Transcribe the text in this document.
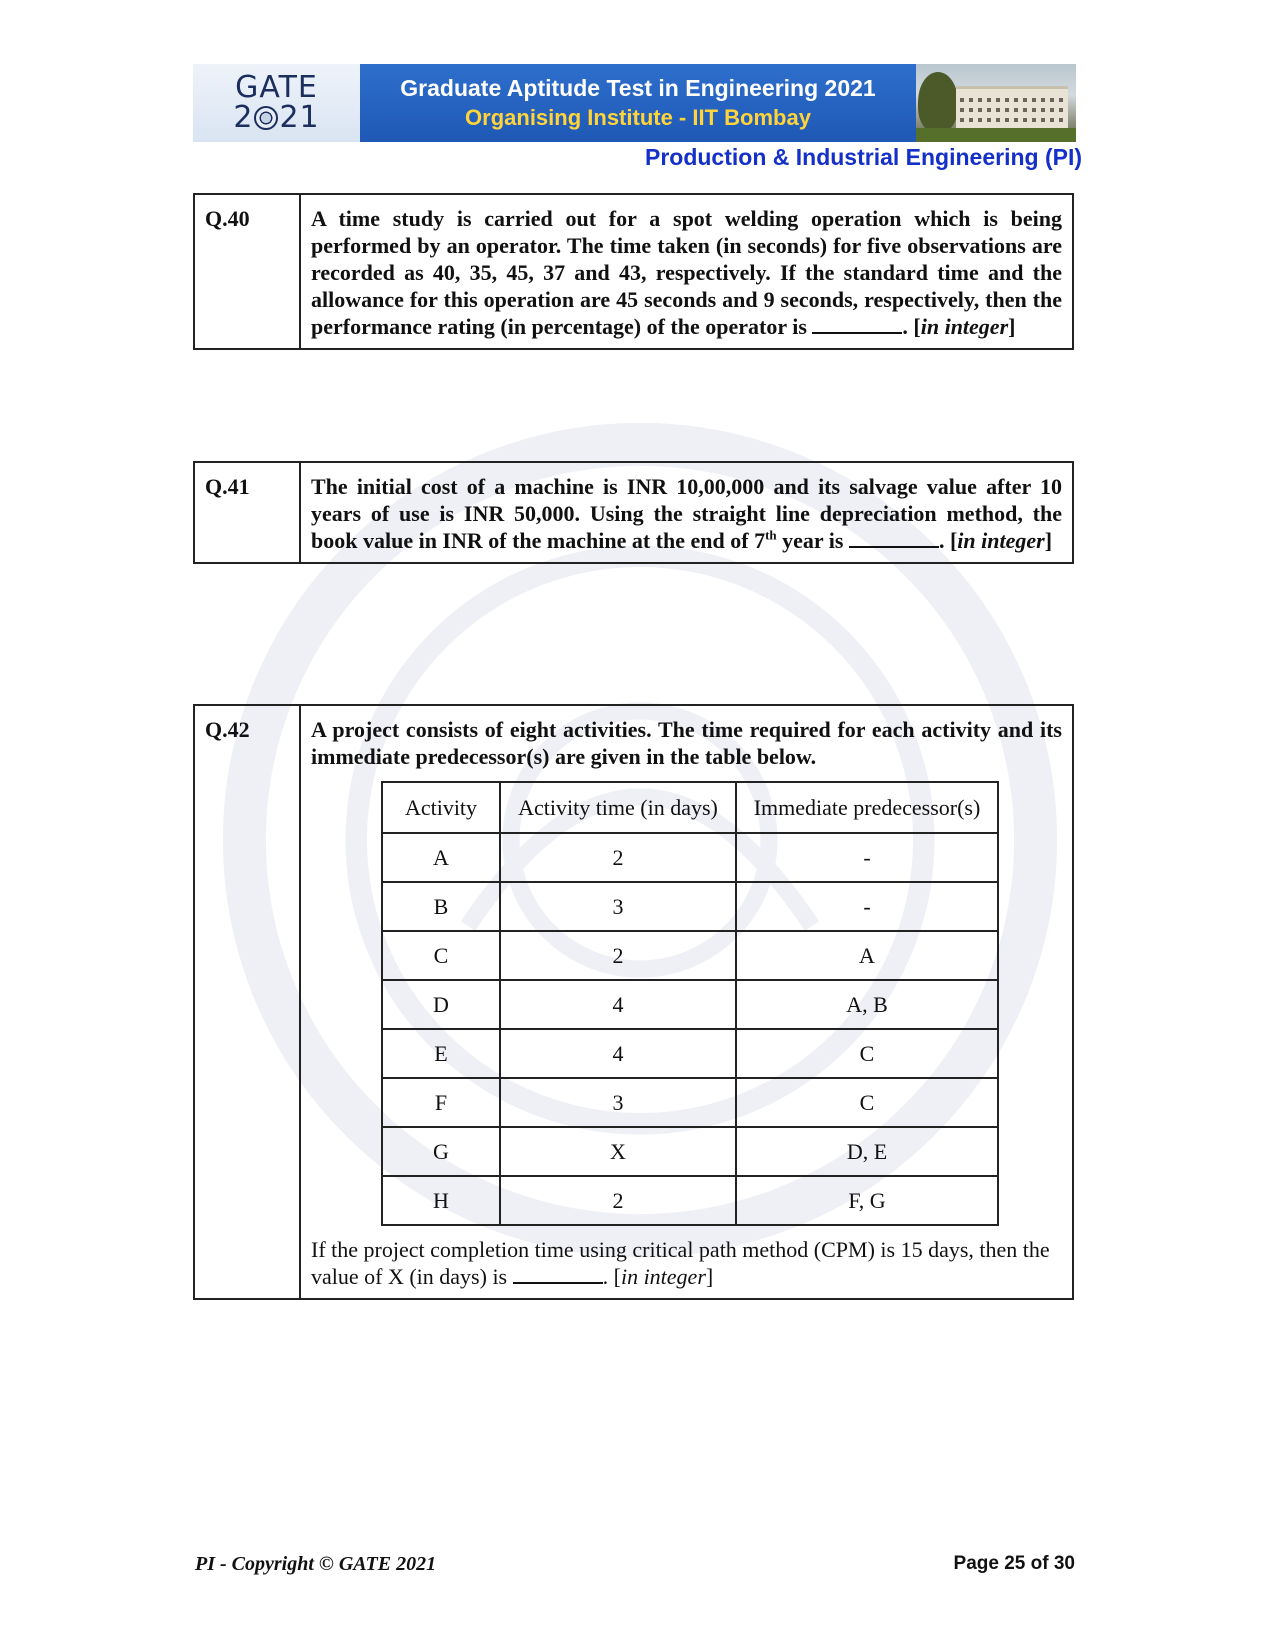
GATE
2 21
Graduate Aptitude Test in Engineering 2021
Organising Institute - IIT Bombay
Production & Industrial Engineering (PI)
Q.40	A time study is carried out for a spot welding operation which is being performed by an operator. The time taken (in seconds) for five observations are recorded as 40, 35, 45, 37 and 43, respectively. If the standard time and the allowance for this operation are 45 seconds and 9 seconds, respectively, then the performance rating (in percentage) of the operator is	. [in integer]
Q.41	The initial cost of a machine is INR 10,00,000 and its salvage value after 10 years of use is INR 50,000. Using the straight line depreciation method, the book value in INR of the machine at the end of 7th year is	. [in integer]
Q.42	A project consists of eight activities. The time required for each activity and its immediate predecessor(s) are given in the table below.
Activity	Activity time (in days)	Immediate predecessor(s)
A	2	-
B	3	-
C	2	A
D	4	A, B
E	4	C
F	3	C
G	X	D, E
H	2	F, G
If the project completion time using critical path method (CPM) is 15 days, then the value of X (in days) is	. [in integer]
PI - Copyright © GATE 2021	Page 25 of 30
